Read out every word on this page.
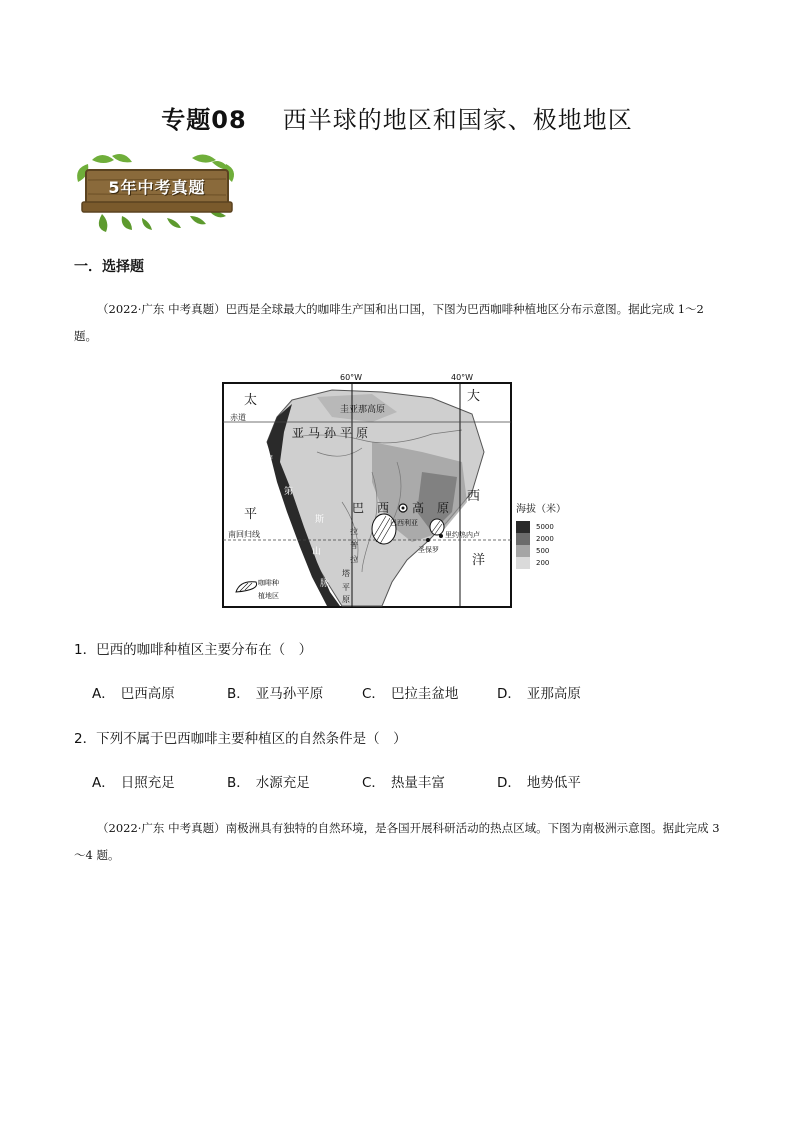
专题08 西半球的地区和国家、极地地区
5年中考真题
一．选择题
（2022·广东 中考真题）巴西是全球最大的咖啡生产国和出口国，下图为巴西咖啡种植地区分布示意图。据此完成 1～2 题。
太
平
大
西
洋
赤道
南回归线
圭亚那高原
亚马孙平原
巴 西 高 原
安
第
斯
山
脉
拉
普
拉
塔
平
原
巴西利亚
里约热内卢
圣保罗
咖啡种
植地区
60°W	40°W
海拔（米）
5000
2000
500
200
1．巴西的咖啡种植区主要分布在（　）
A． 巴西高原	B． 亚马孙平原	C． 巴拉圭盆地	D． 亚那高原
2．下列不属于巴西咖啡主要种植区的自然条件是（　）
A． 日照充足	B． 水源充足	C． 热量丰富	D． 地势低平
（2022·广东 中考真题）南极洲具有独特的自然环境，是各国开展科研活动的热点区域。下图为南极洲示意图。据此完成 3～4 题。
